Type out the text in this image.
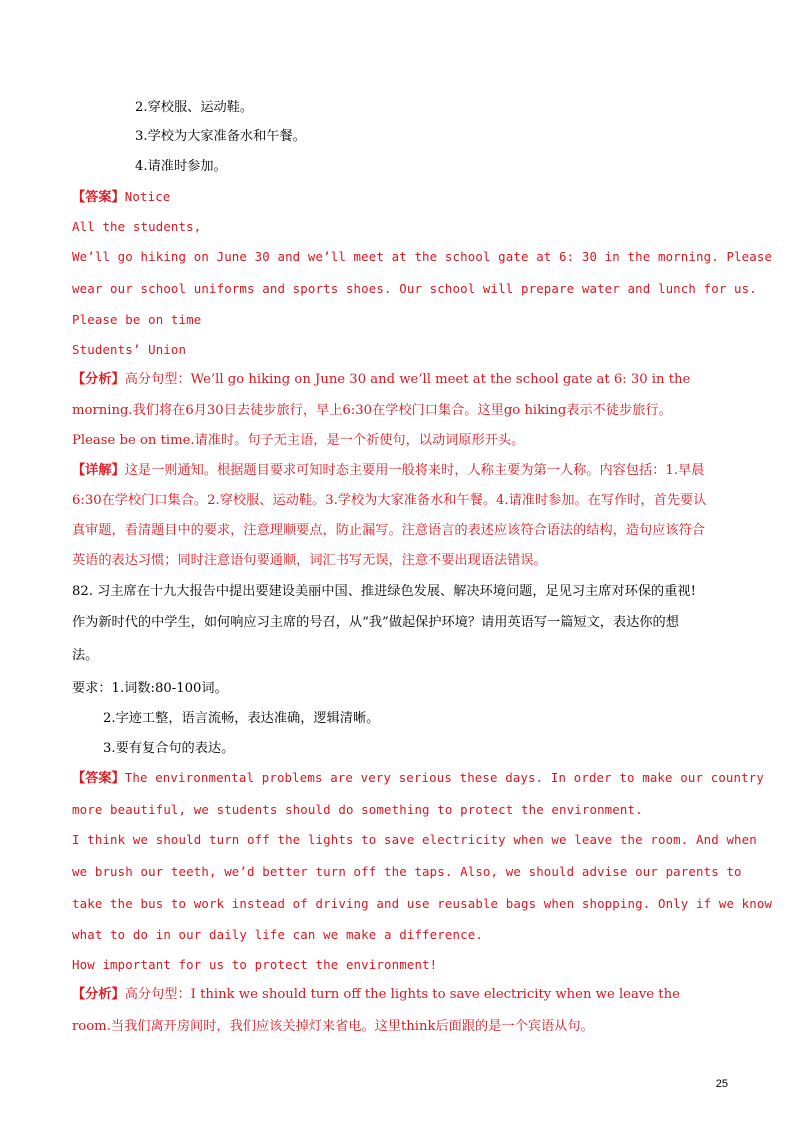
2.穿校服、运动鞋。
3.学校为大家准备水和午餐。
4.请准时参加。
【答案】Notice
All the students,
We’ll go hiking on June 30 and we’ll meet at the school gate at 6: 30 in the morning. Please
wear our school uniforms and sports shoes. Our school will prepare water and lunch for us.
Please be on time
Students’ Union
【分析】高分句型：We’ll go hiking on June 30 and we’ll meet at the school gate at 6: 30 in the
morning.我们将在6月30日去徒步旅行，早上6:30在学校门口集合。这里go hiking表示不徒步旅行。
Please be on time.请准时。句子无主语，是一个祈使句，以动词原形开头。
【详解】这是一则通知。根据题目要求可知时态主要用一般将来时，人称主要为第一人称。内容包括：1.早晨
6:30在学校门口集合。2.穿校服、运动鞋。3.学校为大家准备水和午餐。4.请准时参加。在写作时，首先要认
真审题，看清题目中的要求，注意理顺要点，防止漏写。注意语言的表述应该符合语法的结构，造句应该符合
英语的表达习惯；同时注意语句要通顺，词汇书写无误，注意不要出现语法错误。
82. 习主席在十九大报告中提出要建设美丽中国、推进绿色发展、解决环境问题，足见习主席对环保的重视!
作为新时代的中学生，如何响应习主席的号召，从“我”做起保护环境？请用英语写一篇短文，表达你的想
法。
要求：1.词数:80-100词。
2.字迹工整，语言流畅，表达准确，逻辑清晰。
3.要有复合句的表达。
【答案】The environmental problems are very serious these days. In order to make our country
more beautiful, we students should do something to protect the environment.
I think we should turn off the lights to save electricity when we leave the room. And when
we brush our teeth, we’d better turn off the taps. Also, we should advise our parents to
take the bus to work instead of driving and use reusable bags when shopping. Only if we know
what to do in our daily life can we make a difference.
How important for us to protect the environment!
【分析】高分句型：I think we should turn off the lights to save electricity when we leave the
room.当我们离开房间时，我们应该关掉灯来省电。这里think后面跟的是一个宾语从句。
25
